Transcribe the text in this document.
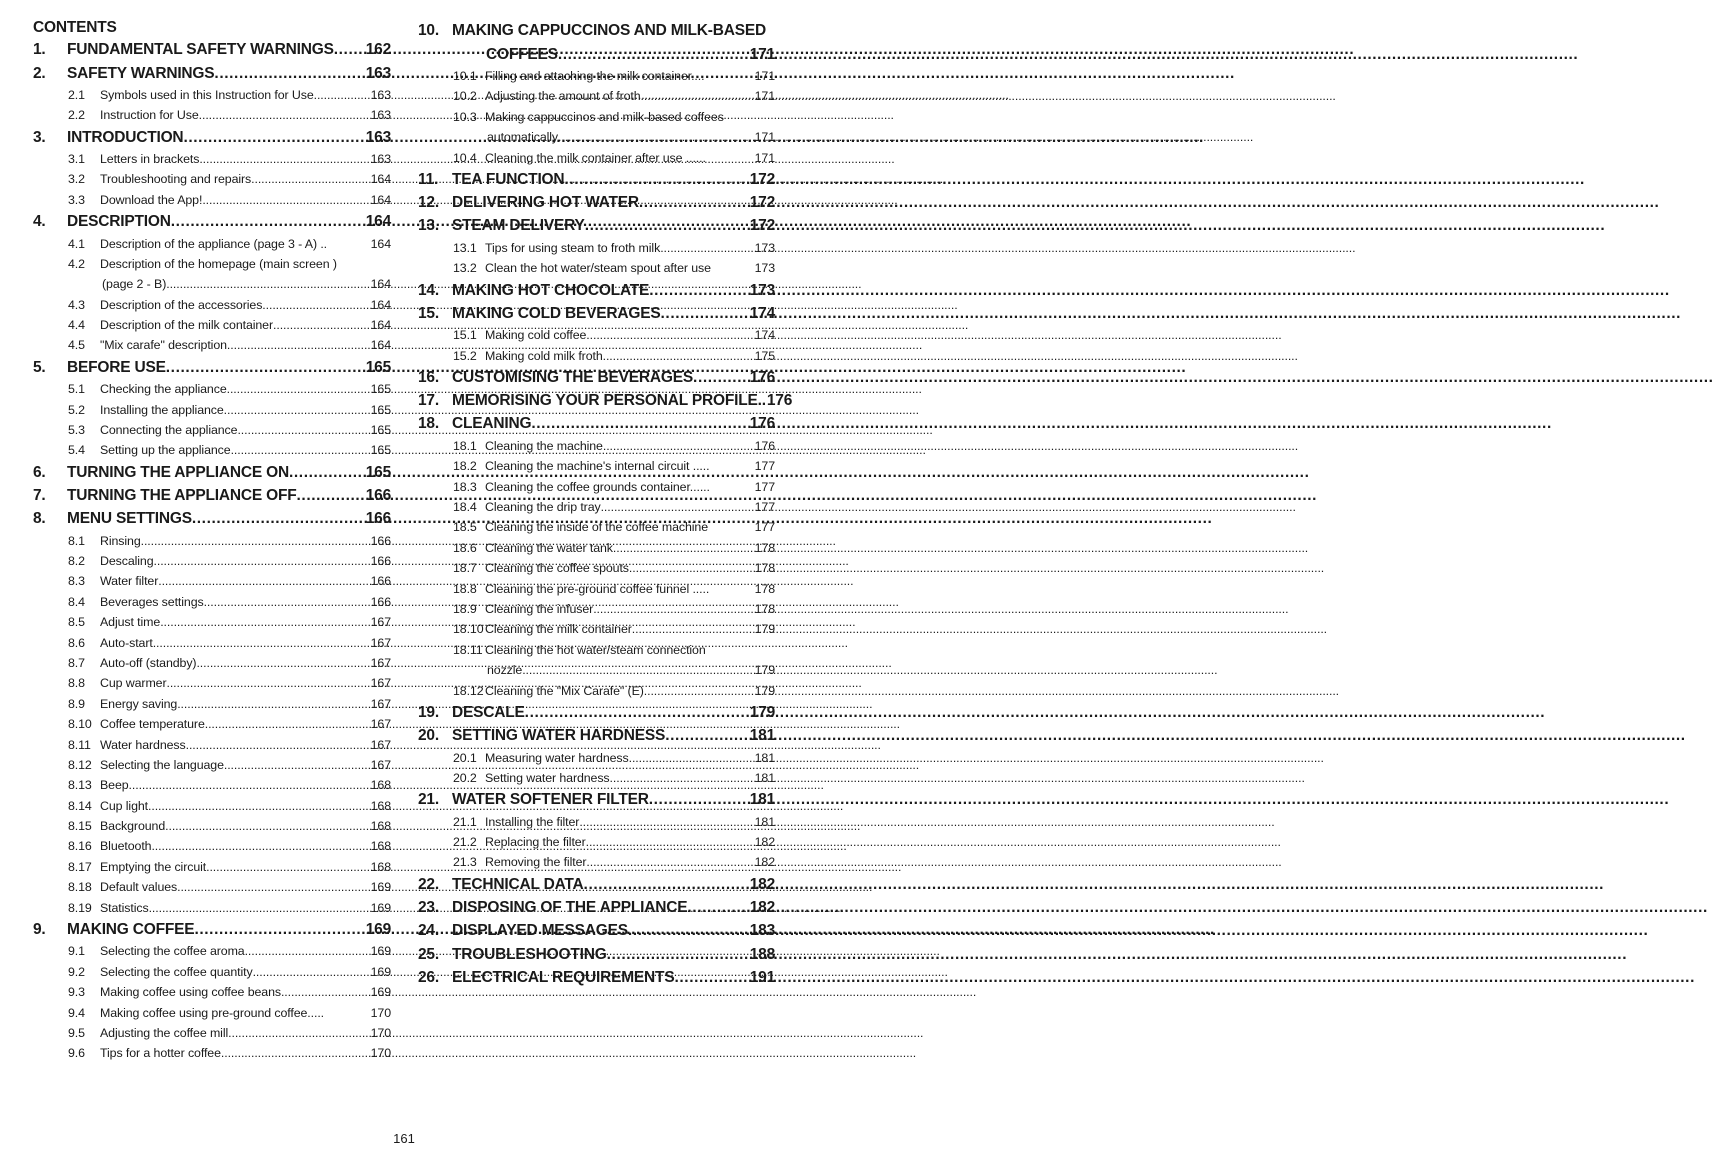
CONTENTS
1.	FUNDAMENTAL SAFETY WARNINGS ..... 162
2.	SAFETY WARNINGS .....	163
2.1	Symbols used in this Instruction for Use .....	163
2.2	Instruction for Use .....	163
3.	INTRODUCTION .....	163
3.1	Letters in brackets .....	163
3.2	Troubleshooting and repairs .....	164
3.3	Download the App! .....	164
4.	DESCRIPTION .....	164
4.1	Description of the appliance (page 3 - A) ..	164
4.2	Description of the homepage (main screen )
(page 2 - B) .....	164
4.3	Description of the accessories .....	164
4.4	Description of the milk container .....	164
4.5	"Mix carafe" description .....	164
5.	BEFORE USE .....	165
5.1	Checking the appliance .....	165
5.2	Installing the appliance .....	165
5.3	Connecting the appliance .....	165
5.4	Setting up the appliance .....	165
6.	TURNING THE APPLIANCE ON .....	165
7.	TURNING THE APPLIANCE OFF .....	166
8.	MENU SETTINGS .....	166
8.1	Rinsing .....	166
8.2	Descaling .....	166
8.3	Water filter .....	166
8.4	Beverages settings .....	166
8.5	Adjust time .....	167
8.6	Auto-start .....	167
8.7	Auto-off (standby) .....	167
8.8	Cup warmer .....	167
8.9	Energy saving .....	167
8.10 Coffee temperature .....	167
8.11 Water hardness .....	167
8.12 Selecting the language .....	167
8.13 Beep .....	168
8.14 Cup light .....	168
8.15 Background .....	168
8.16 Bluetooth .....	168
8.17 Emptying the circuit .....	168
8.18 Default values .....	169
8.19 Statistics .....	169
9.	MAKING COFFEE .....	169
9.1	Selecting the coffee aroma .....	169
9.2	Selecting the coffee quantity .....	169
9.3	Making coffee using coffee beans .....	169
9.4	Making coffee using pre-ground coffee.....	170
9.5	Adjusting the coffee mill .....	170
9.6	Tips for a hotter coffee .....	170
10. MAKING CAPPUCCINOS AND MILK-BASED
COFFEES .....	171
10.1 Filling and attaching the milk container....	171
10.2 Adjusting the amount of froth .....	171
10.3 Making cappuccinos and milk-based coffees
automatically .....	171
10.4 Cleaning the milk container after use ......	171
11. TEA FUNCTION .....	172
12. DELIVERING HOT WATER .....	172
13. STEAM DELIVERY .....	172
13.1 Tips for using steam to froth milk .....	173
13.2 Clean the hot water/steam spout after use	173
14. MAKING HOT CHOCOLATE .....	173
15. MAKING COLD BEVERAGES .....	174
15.1 Making cold coffee .....	174
15.2 Making cold milk froth .....	175
16. CUSTOMISING THE BEVERAGES .....	176
17. MEMORISING YOUR PERSONAL PROFILE.. 176
18. CLEANING .....	176
18.1 Cleaning the machine .....	176
18.2 Cleaning the machine's internal circuit .....	177
18.3 Cleaning the coffee grounds container......	177
18.4 Cleaning the drip tray .....	177
18.5 Cleaning the inside of the coffee machine	177
18.6 Cleaning the water tank .....	178
18.7 Cleaning the coffee spouts .....	178
18.8 Cleaning the pre-ground coffee funnel .....	178
18.9 Cleaning the infuser .....	178
18.10 Cleaning the milk container .....	179
18.11 Cleaning the hot water/steam connection
nozzle .....	179
18.12 Cleaning the "Mix Carafe" (E) .....	179
19. DESCALE .....	179
20. SETTING WATER HARDNESS .....	181
20.1 Measuring water hardness .....	181
20.2 Setting water hardness .....	181
21. WATER SOFTENER FILTER .....	181
21.1 Installing the filter .....	181
21.2 Replacing the filter .....	182
21.3 Removing the filter .....	182
22. TECHNICAL DATA .....	182
23. DISPOSING OF THE APPLIANCE .....	182
24. DISPLAYED MESSAGES .....	183
25. TROUBLESHOOTING .....	188
26. ELECTRICAL REQUIREMENTS .....	191
161
